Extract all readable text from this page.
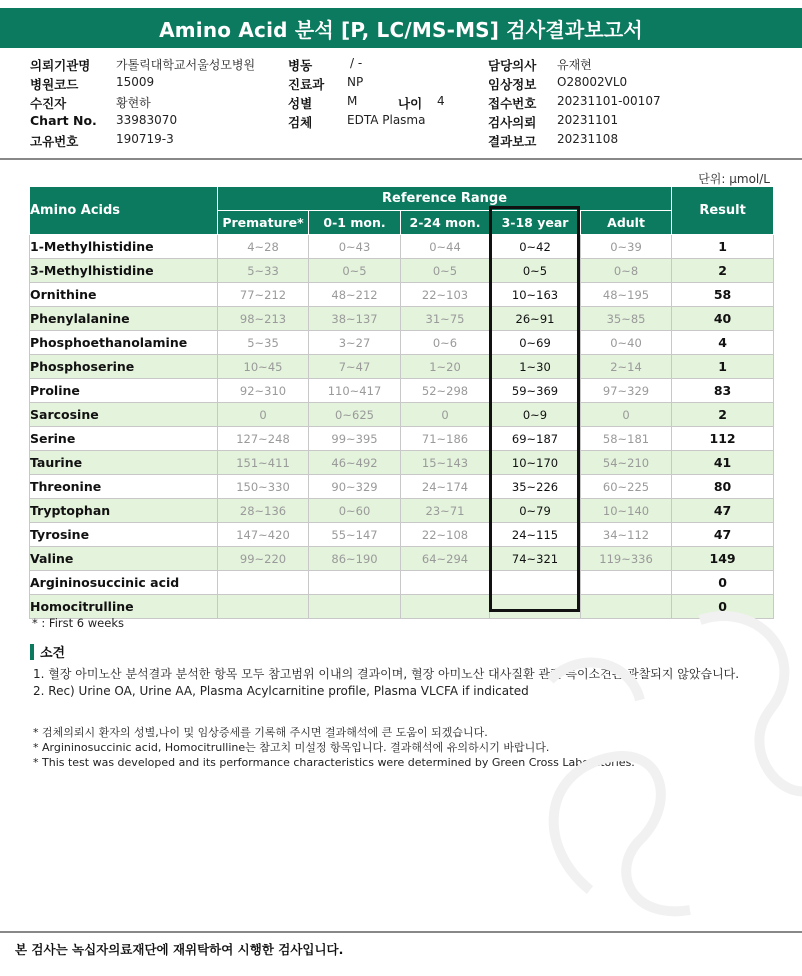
Amino Acid 분석 [P, LC/MS-MS] 검사결과보고서
의뢰기관명 가톨릭대학교서울성모병원	병동	/ -	담당의사 유재현
병원코드	15009	진료과 NP	임상정보 O28002VL0
수진자	황현하	성별	M	나이 4	접수번호 20231101-00107
Chart No. 33983070	검체	EDTA Plasma	검사의뢰 20231101
고유번호	190719-3	결과보고 20231108
단위: μmol/L
Amino Acids	Reference Range					Result
	Premature*	0-1 mon.	2-24 mon.	3-18 year	Adult	
1-Methylhistidine	4~28	0~43	0~44	0~42	0~39	1
3-Methylhistidine	5~33	0~5	0~5	0~5	0~8	2
Ornithine	77~212	48~212	22~103	10~163	48~195	58
Phenylalanine	98~213	38~137	31~75	26~91	35~85	40
Phosphoethanolamine	5~35	3~27	0~6	0~69	0~40	4
Phosphoserine	10~45	7~47	1~20	1~30	2~14	1
Proline	92~310	110~417	52~298	59~369	97~329	83
Sarcosine	0	0~625	0	0~9	0	2
Serine	127~248	99~395	71~186	69~187	58~181	112
Taurine	151~411	46~492	15~143	10~170	54~210	41
Threonine	150~330	90~329	24~174	35~226	60~225	80
Tryptophan	28~136	0~60	23~71	0~79	10~140	47
Tyrosine	147~420	55~147	22~108	24~115	34~112	47
Valine	99~220	86~190	64~294	74~321	119~336	149
Argininosuccinic acid						0
Homocitrulline						0
* : First 6 weeks
소견
1. 혈장 아미노산 분석결과 분석한 항목 모두 참고범위 이내의 결과이며, 혈장 아미노산 대사질환 관련 특이소견은 관찰되지 않았습니다.
2. Rec) Urine OA, Urine AA, Plasma Acylcarnitine profile, Plasma VLCFA if indicated
* 검체의뢰시 환자의 성별,나이 및 임상증세를 기록해 주시면 결과해석에 큰 도움이 되겠습니다.
* Argininosuccinic acid, Homocitrulline는 참고치 미설정 항목입니다. 결과해석에 유의하시기 바랍니다.
* This test was developed and its performance characteristics were determined by Green Cross Laboratories.
본 검사는 녹십자의료재단에 재위탁하여 시행한 검사입니다.
